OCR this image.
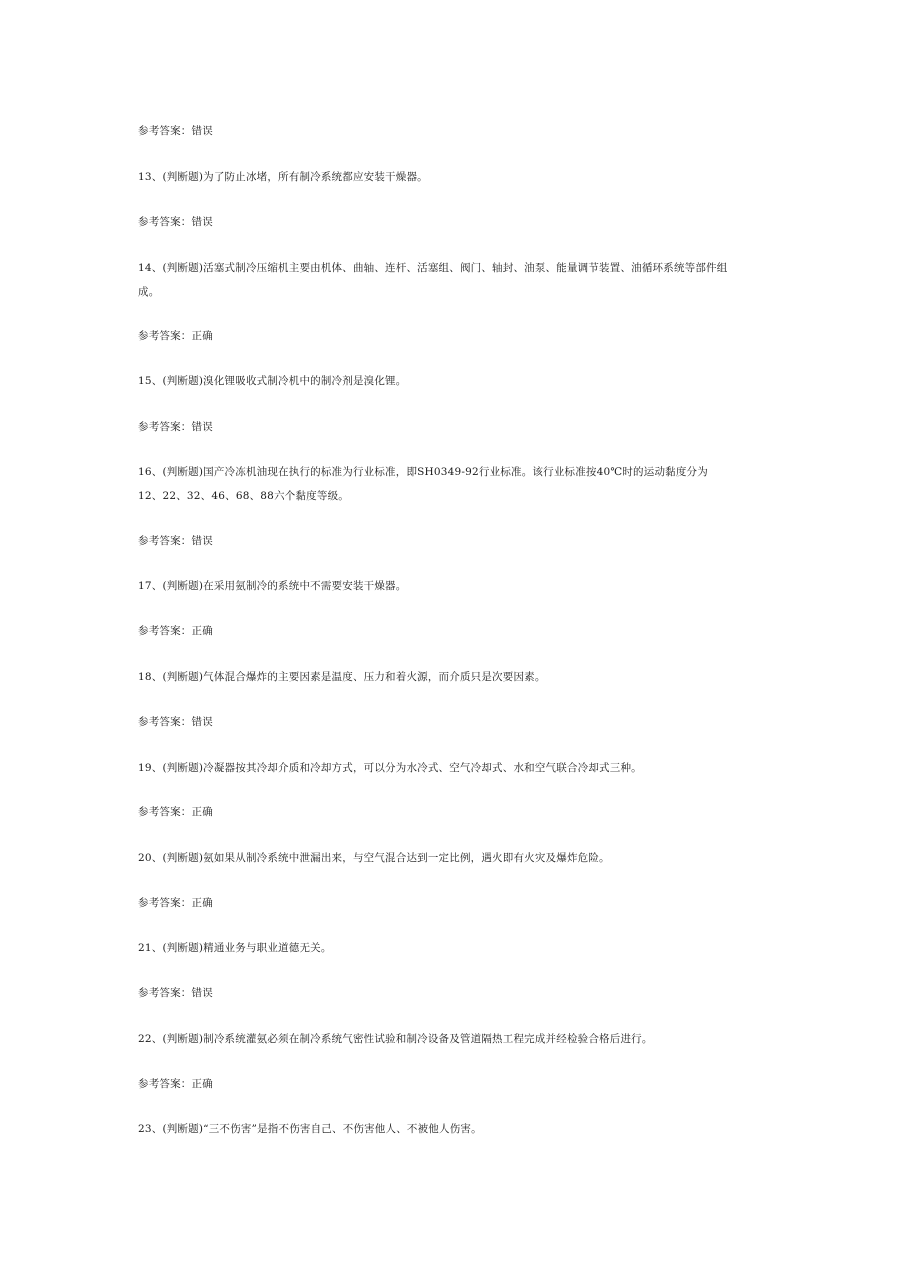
参考答案：错误
13、(判断题)为了防止冰堵，所有制冷系统都应安装干燥器。
参考答案：错误
14、(判断题)活塞式制冷压缩机主要由机体、曲轴、连杆、活塞组、阀门、轴封、油泵、能量调节装置、油循环系统等部件组
成。
参考答案：正确
15、(判断题)溴化锂吸收式制冷机中的制冷剂是溴化锂。
参考答案：错误
16、(判断题)国产冷冻机油现在执行的标准为行业标准，即SH0349-92行业标准。该行业标准按40℃时的运动黏度分为
12、22、32、46、68、88六个黏度等级。
参考答案：错误
17、(判断题)在采用氨制冷的系统中不需要安装干燥器。
参考答案：正确
18、(判断题)气体混合爆炸的主要因素是温度、压力和着火源，而介质只是次要因素。
参考答案：错误
19、(判断题)冷凝器按其冷却介质和冷却方式，可以分为水冷式、空气冷却式、水和空气联合冷却式三种。
参考答案：正确
20、(判断题)氨如果从制冷系统中泄漏出来，与空气混合达到一定比例，遇火即有火灾及爆炸危险。
参考答案：正确
21、(判断题)精通业务与职业道德无关。
参考答案：错误
22、(判断题)制冷系统灌氨必须在制冷系统气密性试验和制冷设备及管道隔热工程完成并经检验合格后进行。
参考答案：正确
23、(判断题)“三不伤害”是指不伤害自己、不伤害他人、不被他人伤害。
